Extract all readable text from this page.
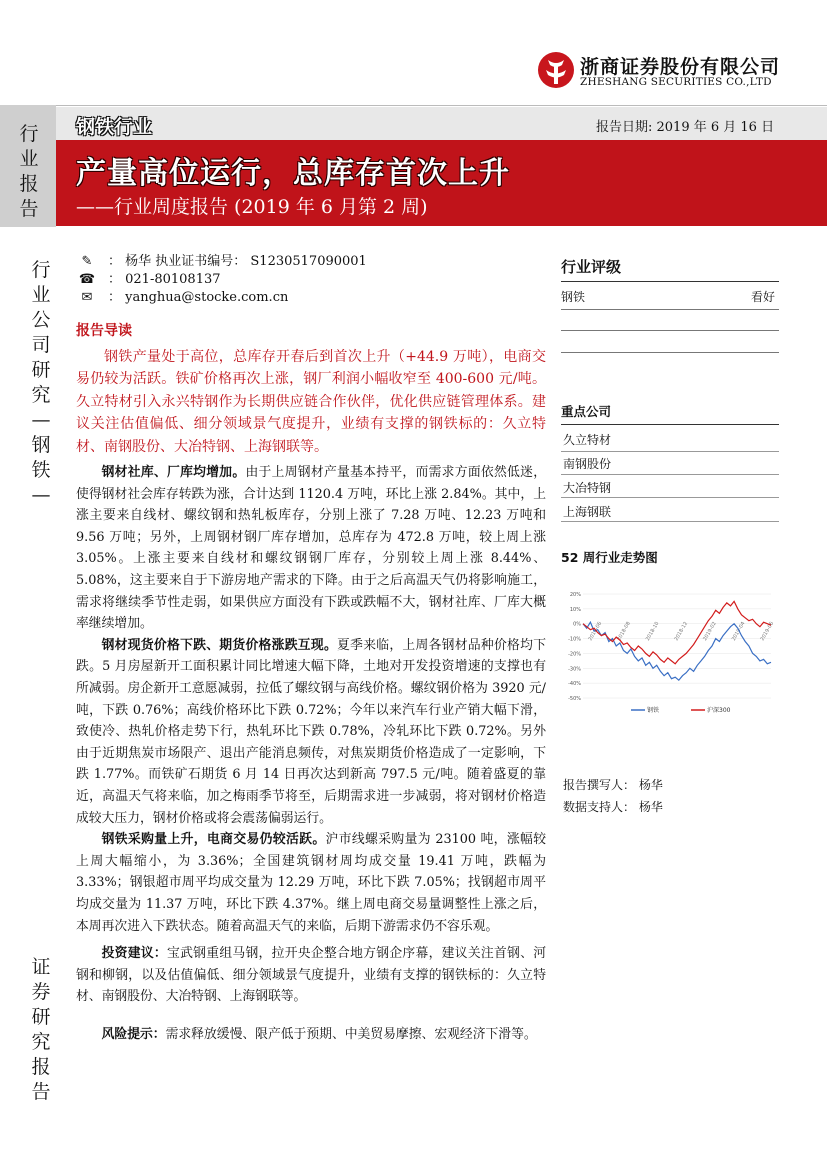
浙商证券股份有限公司
ZHESHANG SECURITIES CO.,LTD
行业报告
钢铁行业	报告日期: 2019 年 6 月 16 日
产量高位运行，总库存首次上升
——行业周度报告 (2019 年 6 月第 2 周)
行业公司研究—钢铁—
证券研究报告
✎ ： 杨华 执业证书编号： S1230517090001
☎ ： 021-80108137
✉ ： yanghua@stocke.com.cn
报告导读

钢铁产量处于高位，总库存开春后到首次上升（+44.9 万吨），电商交易仍较为活跃。铁矿价格再次上涨，钢厂利润小幅收窄至 400-600 元/吨。久立特材引入永兴特钢作为长期供应链合作伙伴，优化供应链管理体系。建议关注估值偏低、细分领域景气度提升，业绩有支撑的钢铁标的：久立特材、南钢股份、大冶特钢、上海钢联等。

钢材社库、厂库均增加。由于上周钢材产量基本持平，而需求方面依然低迷，使得钢材社会库存转跌为涨，合计达到 1120.4 万吨，环比上涨 2.84%。其中，上涨主要来自线材、螺纹钢和热轧板库存，分别上涨了 7.28 万吨、12.23 万吨和 9.56 万吨；另外，上周钢材钢厂库存增加，总库存为 472.8 万吨，较上周上涨 3.05%。上涨主要来自线材和螺纹钢钢厂库存，分别较上周上涨 8.44%、5.08%，这主要来自于下游房地产需求的下降。由于之后高温天气仍将影响施工，需求将继续季节性走弱，如果供应方面没有下跌或跌幅不大，钢材社库、厂库大概率继续增加。

钢材现货价格下跌、期货价格涨跌互现。夏季来临，上周各钢材品种价格均下跌。5 月房屋新开工面积累计同比增速大幅下降，土地对开发投资增速的支撑也有所减弱。房企新开工意愿减弱，拉低了螺纹钢与高线价格。螺纹钢价格为 3920 元/吨，下跌 0.76%；高线价格环比下跌 0.72%；今年以来汽车行业产销大幅下滑，致使冷、热轧价格走势下行，热轧环比下跌 0.78%，冷轧环比下跌 0.72%。另外由于近期焦炭市场限产、退出产能消息频传，对焦炭期货价格造成了一定影响，下跌 1.77%。而铁矿石期货 6 月 14 日再次达到新高 797.5 元/吨。随着盛夏的靠近，高温天气将来临，加之梅雨季节将至，后期需求进一步减弱，将对钢材价格造成较大压力，钢材价格或将会震荡偏弱运行。

钢铁采购量上升，电商交易仍较活跃。沪市线螺采购量为 23100 吨，涨幅较上周大幅缩小，为 3.36%；全国建筑钢材周均成交量 19.41 万吨，跌幅为 3.33%；钢银超市周平均成交量为 12.29 万吨，环比下跌 7.05%；找钢超市周平均成交量为 11.37 万吨，环比下跌 4.37%。继上周电商交易量调整性上涨之后，本周再次进入下跌状态。随着高温天气的来临，后期下游需求仍不容乐观。

投资建议：宝武钢重组马钢，拉开央企整合地方钢企序幕，建议关注首钢、河钢和柳钢，以及估值偏低、细分领域景气度提升，业绩有支撑的钢铁标的：久立特材、南钢股份、大冶特钢、上海钢联等。

风险提示：需求释放缓慢、限产低于预期、中美贸易摩擦、宏观经济下滑等。

行业评级
钢铁	看好
重点公司
久立特材
南钢股份
大冶特钢
上海钢联
52 周行业走势图
20%
10%
0%
-10%
-20%
-30%
-40%
-50%
2018-06	2018-08	2018-10	2018-12	2019-02	2019-04	2019-06
钢铁	沪深300
报告撰写人： 杨华
数据支持人： 杨华
